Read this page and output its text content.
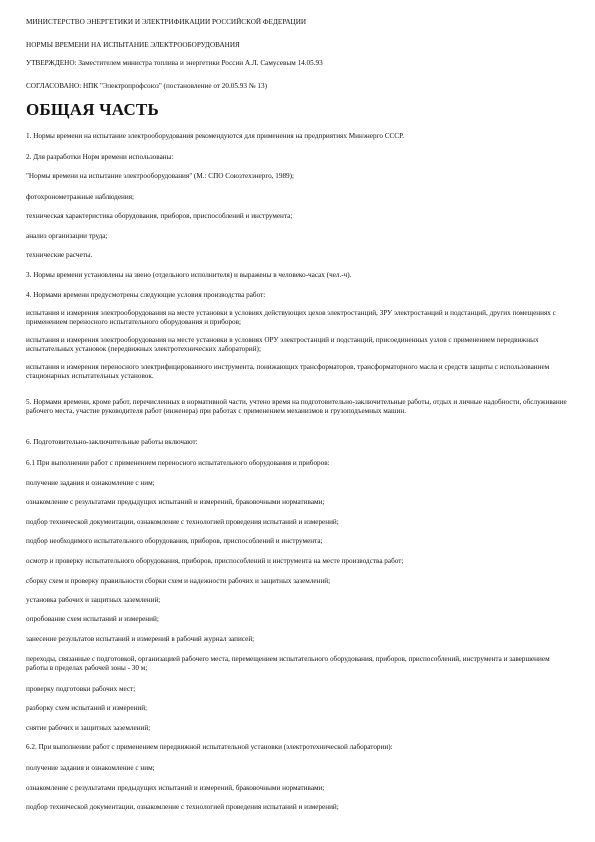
МИНИСТЕРСТВО ЭНЕРГЕТИКИ И ЭЛЕКТРИФИКАЦИИ РОССИЙСКОЙ ФЕДЕРАЦИИ
НОРМЫ ВРЕМЕНИ НА ИСПЫТАНИЕ ЭЛЕКТРООБОРУДОВАНИЯ
УТВЕРЖДЕНО: Заместителем министра топлива и энергетики России А.Л. Самусевым 14.05.93
СОГЛАСОВАНО: НПК "Электропрофсоюз" (постановление от 20.05.93 № 13)
ОБЩАЯ ЧАСТЬ
1. Нормы времени на испытание электрооборудования рекомендуются для применения на предприятиях Минэнерго СССР.
2. Для разработки Норм времени использованы:
"Нормы времени на испытание электрооборудования" (М.: СПО Союзтехэнерго, 1989);
фотохронометражные наблюдения;
техническая характеристика оборудования, приборов, приспособлений и инструмента;
анализ организации труда;
технические расчеты.
3. Нормы времени установлены на звено (отдельного исполнителя) и выражены в человеко-часах (чел.-ч).
4. Нормами времени предусмотрены следующие условия производства работ:
испытания и измерения электрооборудования на месте установки в условиях действующих цехов электростанций, ЗРУ электростанций и подстанций, других помещениях с применением переносного испытательного оборудования и приборов;
испытания и измерения электрооборудования на месте установки в условиях ОРУ электростанций и подстанций, присоединенных узлов с применением передвижных испытательных установок (передвижных электротехнических лабораторий);
испытания и измерения переносного электрифицированного инструмента, понижающих трансформаторов, трансформаторного масла и средств защиты с использованием стационарных испытательных установок.
5. Нормами времени, кроме работ, перечисленных в нормативной части, учтено время на подготовительно-заключительные работы, отдых и личные надобности, обслуживание рабочего места, участие руководителя работ (инженера) при работах с применением механизмов и грузоподъемных машин.
6. Подготовительно-заключительные работы включают:
6.1 При выполнении работ с применением переносного испытательного оборудования и приборов:
получение задания и ознакомление с ним;
ознакомление с результатами предыдущих испытаний и измерений, браковочными нормативами;
подбор технической документации, ознакомление с технологией проведения испытаний и измерений;
подбор необходимого испытательного оборудования, приборов, приспособлений и инструмента;
осмотр и проверку испытательного оборудования, приборов, приспособлений и инструмента на месте производства работ;
сборку схем и проверку правильности сборки схем и надежности рабочих и защитных заземлений;
установка рабочих и защитных заземлений;
опробование схем испытаний и измерений;
занесение результатов испытаний и измерений в рабочий журнал записей;
переходы, связанные с подготовкой, организацией рабочего места, перемещением испытательного оборудования, приборов, приспособлений, инструмента и завершением работы в пределах рабочей зоны - 30 м;
проверку подготовки рабочих мест;
разборку схем испытаний и измерений;
снятие рабочих и защитных заземлений;
6.2. При выполнении работ с применением передвижной испытательной установки (электротехнической лаборатории):
получение задания и ознакомление с ним;
ознакомление с результатами предыдущих испытаний и измерений, браковочными нормативами;
подбор технической документации, ознакомление с технологией проведения испытаний и измерений;
